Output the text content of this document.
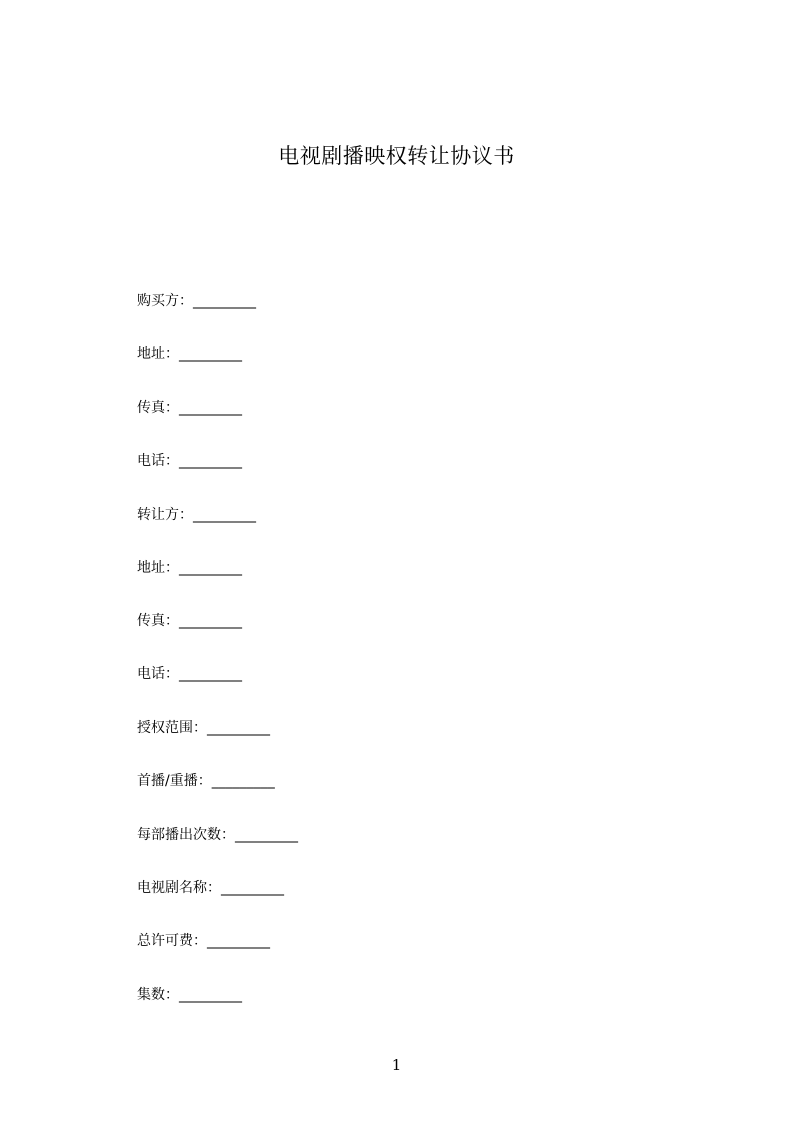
电视剧播映权转让协议书
购买方：_________
地址：_________
传真：_________
电话：_________
转让方：_________
地址：_________
传真：_________
电话：_________
授权范围：_________
首播/重播：_________
每部播出次数：_________
电视剧名称：_________
总许可费：_________
集数：_________
1
